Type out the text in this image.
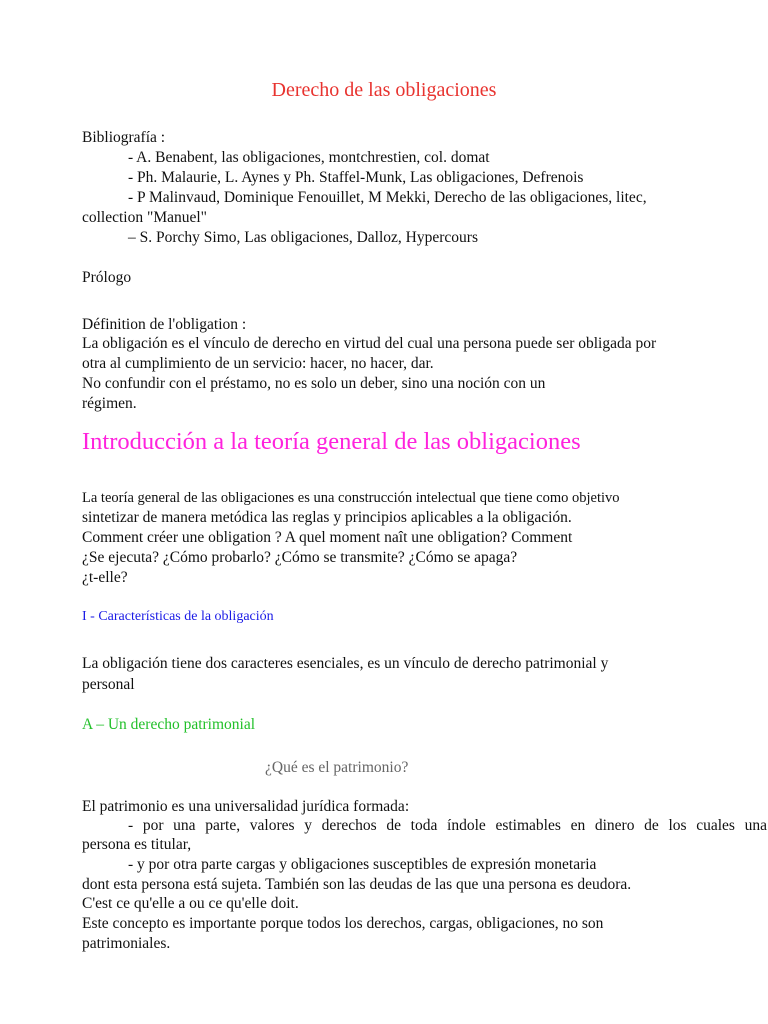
Derecho de las obligaciones
Bibliografía :
- A. Benabent, las obligaciones, montchrestien, col. domat
- Ph. Malaurie, L. Aynes y Ph. Staffel-Munk, Las obligaciones, Defrenois
- P Malinvaud, Dominique Fenouillet, M Mekki, Derecho de las obligaciones, litec,
collection "Manuel"
– S. Porchy Simo, Las obligaciones, Dalloz, Hypercours
Prólogo
Définition de l'obligation :
La obligación es el vínculo de derecho en virtud del cual una persona puede ser obligada por
otra al cumplimiento de un servicio: hacer, no hacer, dar.
No confundir con el préstamo, no es solo un deber, sino una noción con un
régimen.
Introducción a la teoría general de las obligaciones
La teoría general de las obligaciones es una construcción intelectual que tiene como objetivo
sintetizar de manera metódica las reglas y principios aplicables a la obligación.
Comment créer une obligation ? A quel moment naît une obligation? Comment
¿Se ejecuta? ¿Cómo probarlo? ¿Cómo se transmite? ¿Cómo se apaga?
¿t-elle?
I - Características de la obligación
La obligación tiene dos caracteres esenciales, es un vínculo de derecho patrimonial y
personal
A – Un derecho patrimonial
¿Qué es el patrimonio?
El patrimonio es una universalidad jurídica formada:
- por una parte, valores y derechos de toda índole estimables en dinero de los cuales una
persona es titular,
- y por otra parte cargas y obligaciones susceptibles de expresión monetaria
dont esta persona está sujeta. También son las deudas de las que una persona es deudora.
C'est ce qu'elle a ou ce qu'elle doit.
Este concepto es importante porque todos los derechos, cargas, obligaciones, no son
patrimoniales.
